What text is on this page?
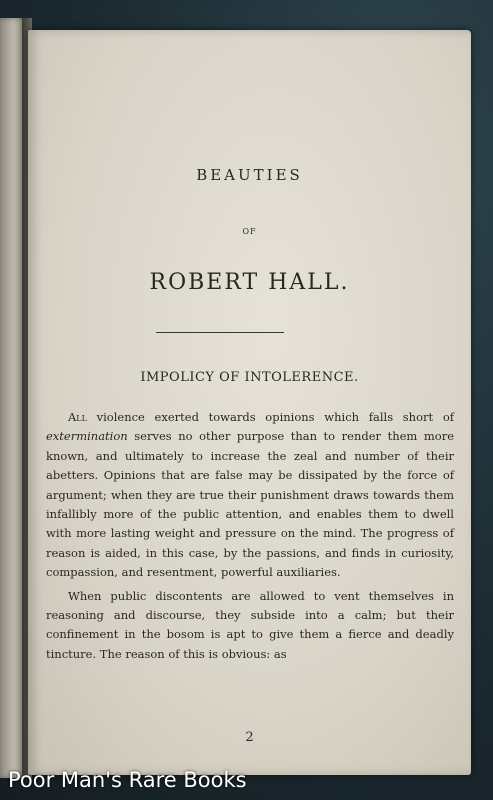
BEAUTIES
OF
ROBERT HALL.
IMPOLICY OF INTOLERENCE.

All violence exerted towards opinions which falls short of extermination serves no other purpose than to render them more known, and ultimately to increase the zeal and number of their abetters. Opinions that are false may be dissipated by the force of argument; when they are true their punishment draws towards them infallibly more of the public attention, and enables them to dwell with more lasting weight and pressure on the mind. The progress of reason is aided, in this case, by the passions, and finds in curiosity, compassion, and resentment, powerful auxiliaries.

When public discontents are allowed to vent themselves in reasoning and discourse, they subside into a calm; but their confinement in the bosom is apt to give them a fierce and deadly tincture. The reason of this is obvious: as

2
Poor Man's Rare Books
